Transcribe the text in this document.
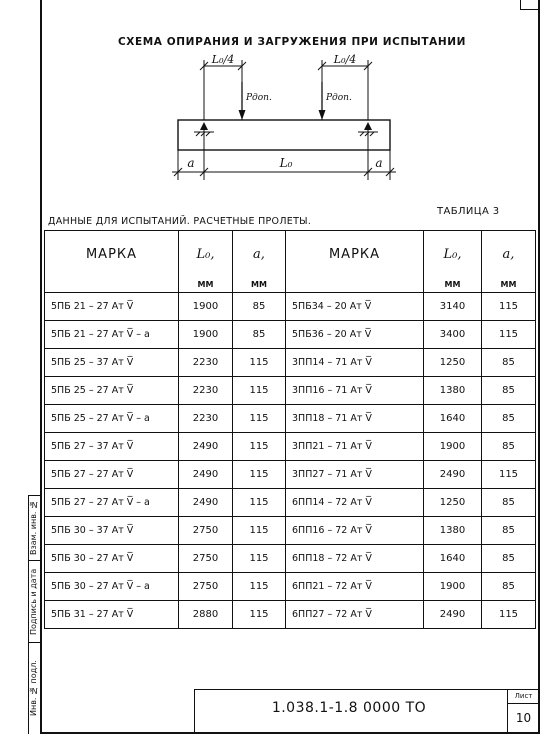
СХЕМА ОПИРАНИЯ И ЗАГРУЖЕНИЯ ПРИ ИСПЫТАНИИ
L₀/4	L₀/4
Pдоп.	Pдоп.
a	L₀	a
ДАННЫЕ ДЛЯ ИСПЫТАНИЙ. РАСЧЕТНЫЕ ПРОЛЕТЫ.
ТАБЛИЦА 3
МАРКА	L₀,	a,	МАРКА	L₀,	a,
	ММ	ММ		ММ	ММ
5ПБ 21 – 27 Aт V̅	1900	85	5ПБ34 – 20 Aт V̅	3140	115
5ПБ 21 – 27 Aт V̅ – a	1900	85	5ПБ36 – 20 Aт V̅	3400	115
5ПБ 25 – 37 Aт V̅	2230	115	3ПП14 – 71 Aт V̅	1250	85
5ПБ 25 – 27 Aт V̅	2230	115	3ПП16 – 71 Aт V̅	1380	85
5ПБ 25 – 27 Aт V̅ – a	2230	115	3ПП18 – 71 Aт V̅	1640	85
5ПБ 27 – 37 Aт V̅	2490	115	3ПП21 – 71 Aт V̅	1900	85
5ПБ 27 – 27 Aт V̅	2490	115	3ПП27 – 71 Aт V̅	2490	115
5ПБ 27 – 27 Aт V̅ – a	2490	115	6ПП14 – 72 Aт V̅	1250	85
5ПБ 30 – 37 Aт V̅	2750	115	6ПП16 – 72 Aт V̅	1380	85
5ПБ 30 – 27 Aт V̅	2750	115	6ПП18 – 72 Aт V̅	1640	85
5ПБ 30 – 27 Aт V̅ – a	2750	115	6ПП21 – 72 Aт V̅	1900	85
5ПБ 31 – 27 Aт V̅	2880	115	6ПП27 – 72 Aт V̅	2490	115
Взам. инв. №
Подпись и дата
Инв. № подл.	1.038.1-1.8 0000 ТО
Лист
10
